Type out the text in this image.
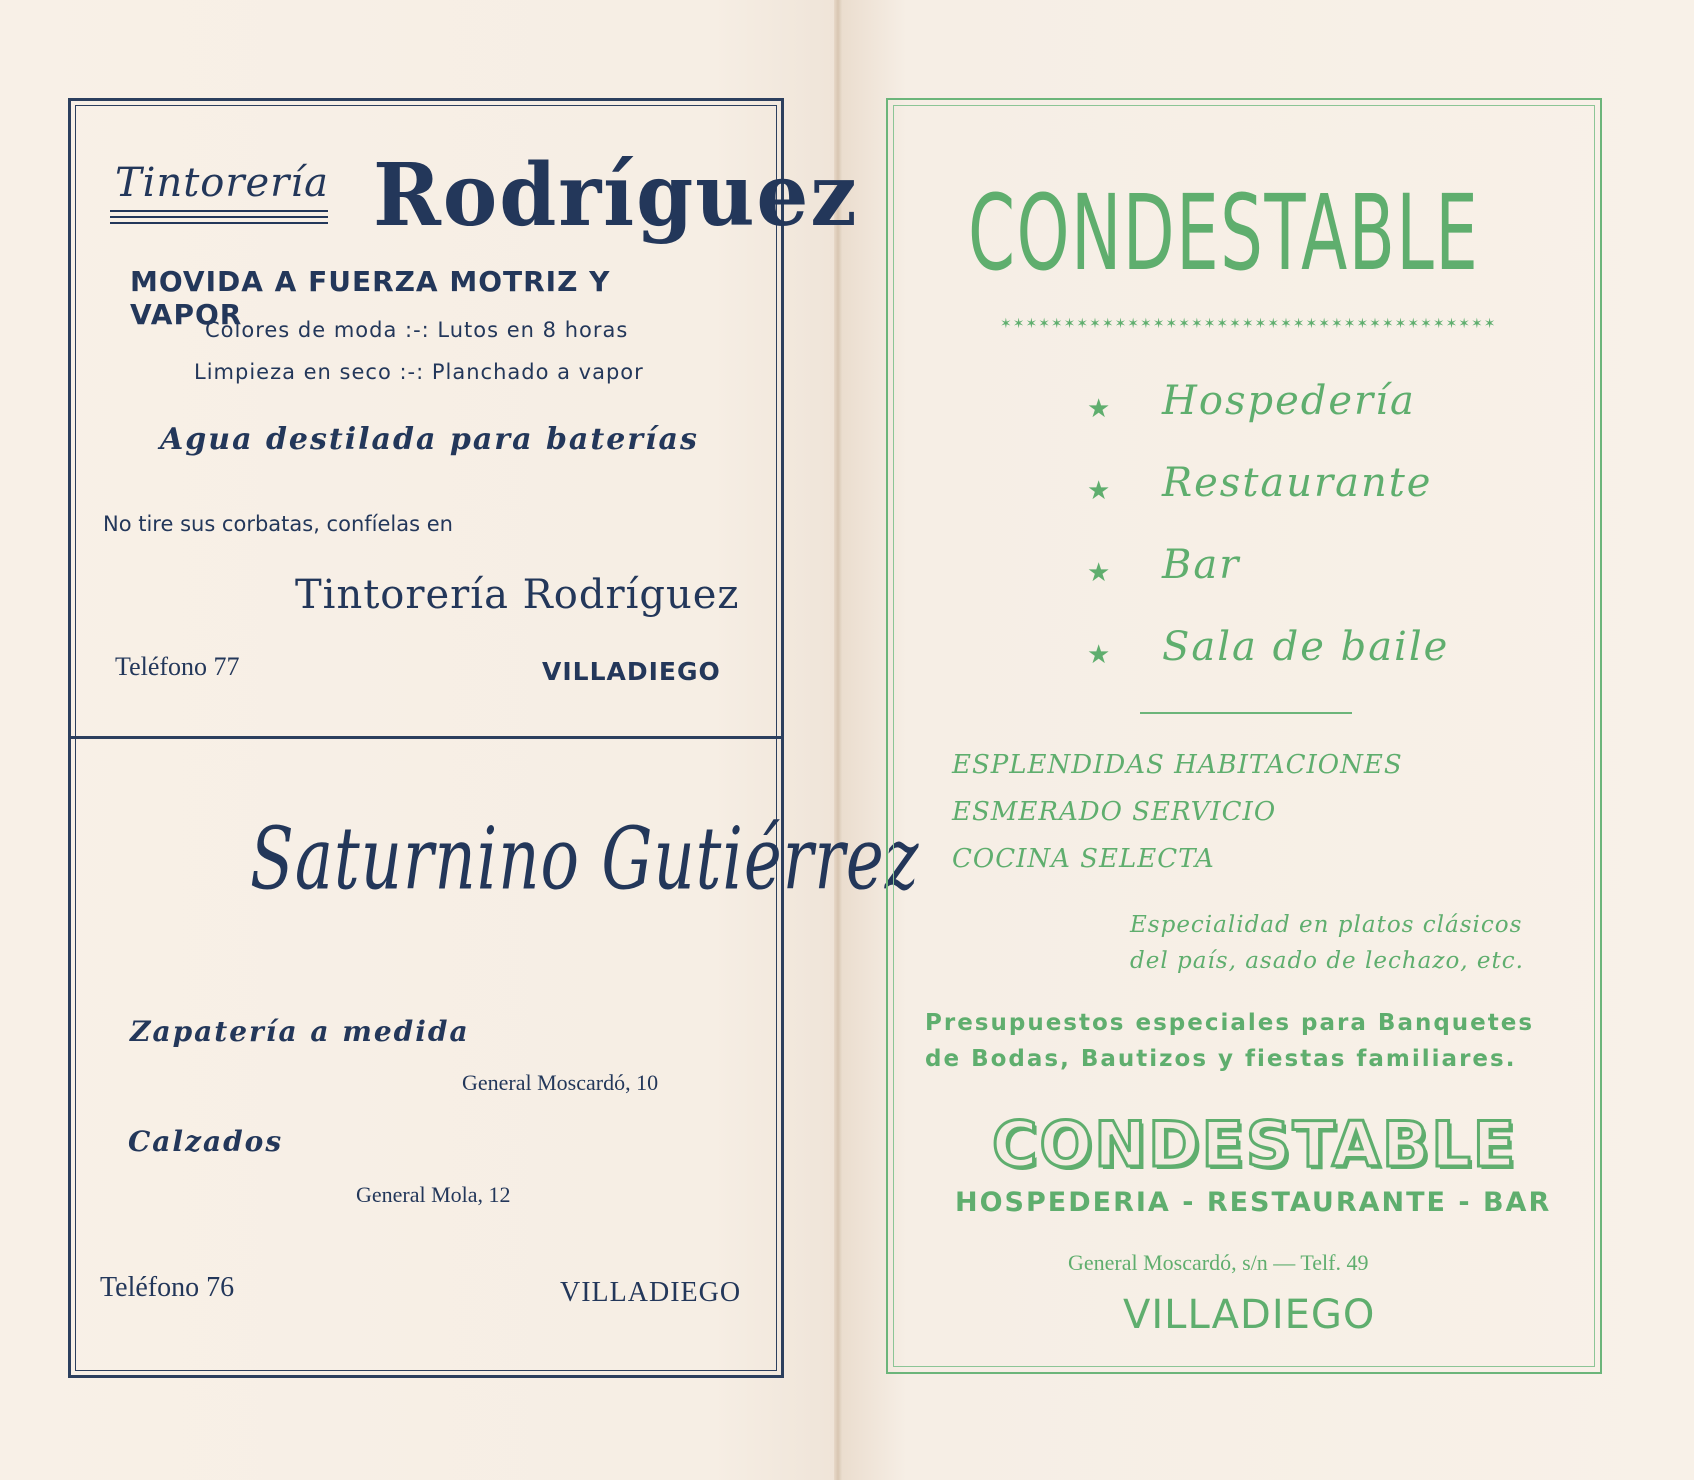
Tintorería Rodríguez
MOVIDA A FUERZA MOTRIZ Y VAPOR
Colores de moda :-: Lutos en 8 horas
Limpieza en seco :-: Planchado a vapor
Agua destilada para baterías
No tire sus corbatas, confíelas en
Tintorería Rodríguez
Teléfono 77	VILLADIEGO
Saturnino Gutiérrez
Zapatería a medida
General Moscardó, 10
Calzados
General Mola, 12
Teléfono 76	VILLADIEGO
CONDESTABLE
✶✶✶✶✶✶✶✶✶✶✶✶✶✶✶✶✶✶✶✶✶✶✶✶✶✶✶✶✶✶✶✶✶✶✶✶✶✶✶
★ Hospedería
★ Restaurante
★ Bar
★ Sala de baile
ESPLENDIDAS HABITACIONES
ESMERADO SERVICIO
COCINA SELECTA
Especialidad en platos clásicos
del país, asado de lechazo, etc.
Presupuestos especiales para Banquetes
de Bodas, Bautizos y fiestas familiares.
CONDESTABLE
HOSPEDERIA - RESTAURANTE - BAR
General Moscardó, s/n — Telf. 49
VILLADIEGO
